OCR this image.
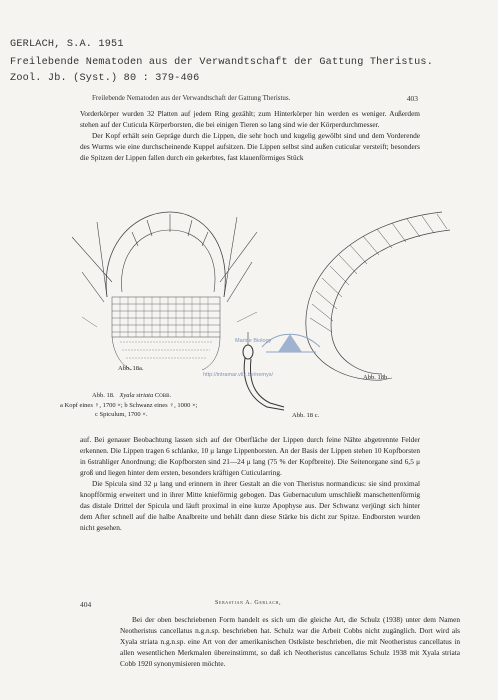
GERLACH, S.A. 1951
Freilebende Nematoden aus der Verwandtschaft der Gattung Theristus.
Zool. Jb. (Syst.) 80 : 379-406
Freilebende Nematoden aus der Verwandtschaft der Gattung Theristus.	403

Vorderkörper wurden 32 Platten auf jedem Ring gezählt; zum Hinterkörper hin werden es weniger. Außerdem stehen auf der Cuticula Körperborsten, die bei einigen Tieren so lang sind wie der Körperdurchmesser.

Der Kopf erhält sein Gepräge durch die Lippen, die sehr hoch und kugelig gewölbt sind und dem Vorderende des Wurms wie eine durchscheinende Kuppel aufsitzen. Die Lippen selbst sind außen cuticular versteift; besonders die Spitzen der Lippen fallen durch ein gekerbtes, fast klauenförmiges Stück

Abb. 18a.
Abb. 18b.
Abb. 18 c.
Marine Biology
http://intramar.vliz.be/nemys/
Abb. 18. Xyala striata Cobb.
a Kopf eines ♀, 1700 ×; b Schwanz eines ♀, 1000 ×;
c Spiculum, 1700 ×.

auf. Bei genauer Beobachtung lassen sich auf der Oberfläche der Lippen durch feine Nähte abgetrennte Felder erkennen. Die Lippen tragen 6 schlanke, 10 μ lange Lippenborsten. An der Basis der Lippen stehen 10 Kopfborsten in 6strahliger Anordnung; die Kopfborsten sind 21—24 μ lang (75 % der Kopfbreite). Die Seitenorgane sind 6,5 μ groß und liegen hinter dem ersten, besonders kräftigen Cuticularring.

Die Spicula sind 32 μ lang und erinnern in ihrer Gestalt an die von Theristus normandicus: sie sind proximal knopfförmig erweitert und in ihrer Mitte kniefôrmig gebogen. Das Gubernaculum umschließt manschettenförmig das distale Drittel der Spicula und läuft proximal in eine kurze Apophyse aus. Der Schwanz verjüngt sich hinter dem After schnell auf die halbe Analbreite und behält dann diese Stärke bis dicht zur Spitze. Endborsten wurden nicht gesehen.

404	Sebastian A. Gerlach,

Bei der oben beschriebenen Form handelt es sich um die gleiche Art, die Schulz (1938) unter dem Namen Neotheristus cancellatus n.g.n.sp. beschrieben hat. Schulz war die Arbeit Cobbs nicht zugänglich. Dort wird als Xyala striata n.g.n.sp. eine Art von der amerikanischen Ostküste beschrieben, die mit Neotheristus cancellatus in allen wesentlichen Merkmalen übereinstimmt, so daß ich Neotheristus cancellatus Schulz 1938 mit Xyala striata Cobb 1920 synonymisieren möchte.
